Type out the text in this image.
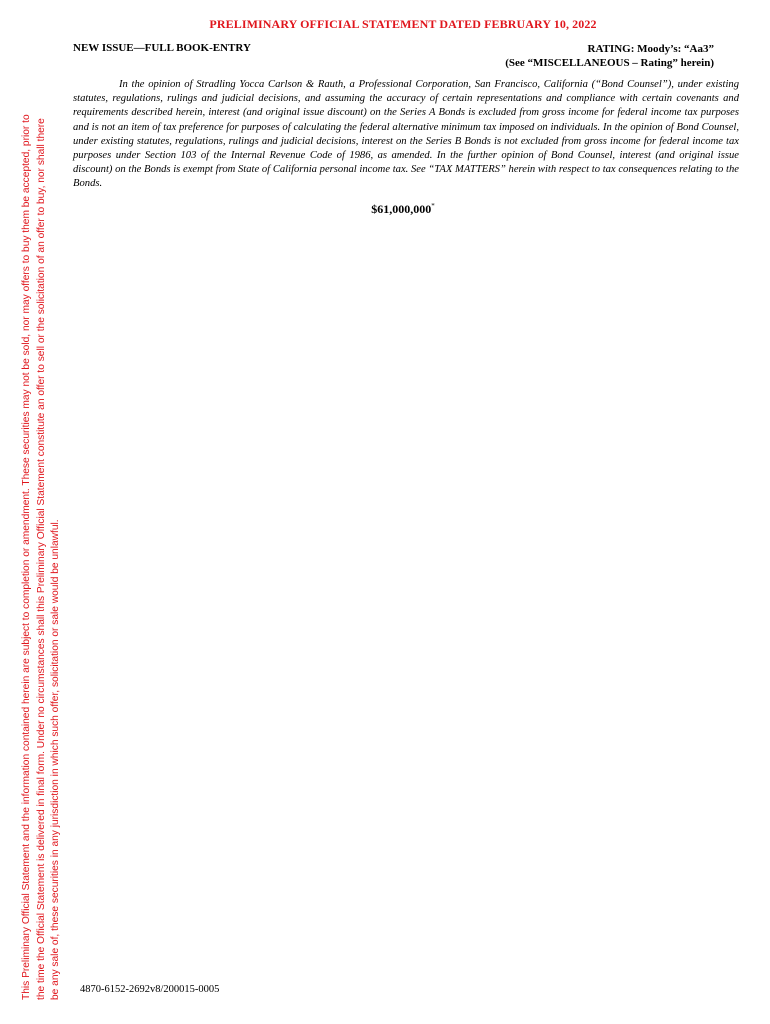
This Preliminary Official Statement and the information contained herein are subject to completion or amendment. These securities may not be sold, nor may offers to buy them be accepted, prior to the time the Official Statement is delivered in final form. Under no circumstances shall this Preliminary Official Statement constitute an offer to sell or the solicitation of an offer to buy, nor shall there be any sale of, these securities in any jurisdiction in which such offer, solicitation or sale would be unlawful.
PRELIMINARY OFFICIAL STATEMENT DATED FEBRUARY 10, 2022
NEW ISSUE—FULL BOOK-ENTRY	RATING: Moody’s: “Aa3”
(See “MISCELLANEOUS – Rating” herein)

In the opinion of Stradling Yocca Carlson & Rauth, a Professional Corporation, San Francisco, California (“Bond Counsel”), under existing statutes, regulations, rulings and judicial decisions, and assuming the accuracy of certain representations and compliance with certain covenants and requirements described herein, interest (and original issue discount) on the Series A Bonds is excluded from gross income for federal income tax purposes and is not an item of tax preference for purposes of calculating the federal alternative minimum tax imposed on individuals. In the opinion of Bond Counsel, under existing statutes, regulations, rulings and judicial decisions, interest on the Series B Bonds is not excluded from gross income for federal income tax purposes under Section 103 of the Internal Revenue Code of 1986, as amended. In the further opinion of Bond Counsel, interest (and original issue discount) on the Bonds is exempt from State of California personal income tax. See “TAX MATTERS” herein with respect to tax consequences relating to the Bonds.

$61,000,000*
4870-6152-2692v8/200015-0005
